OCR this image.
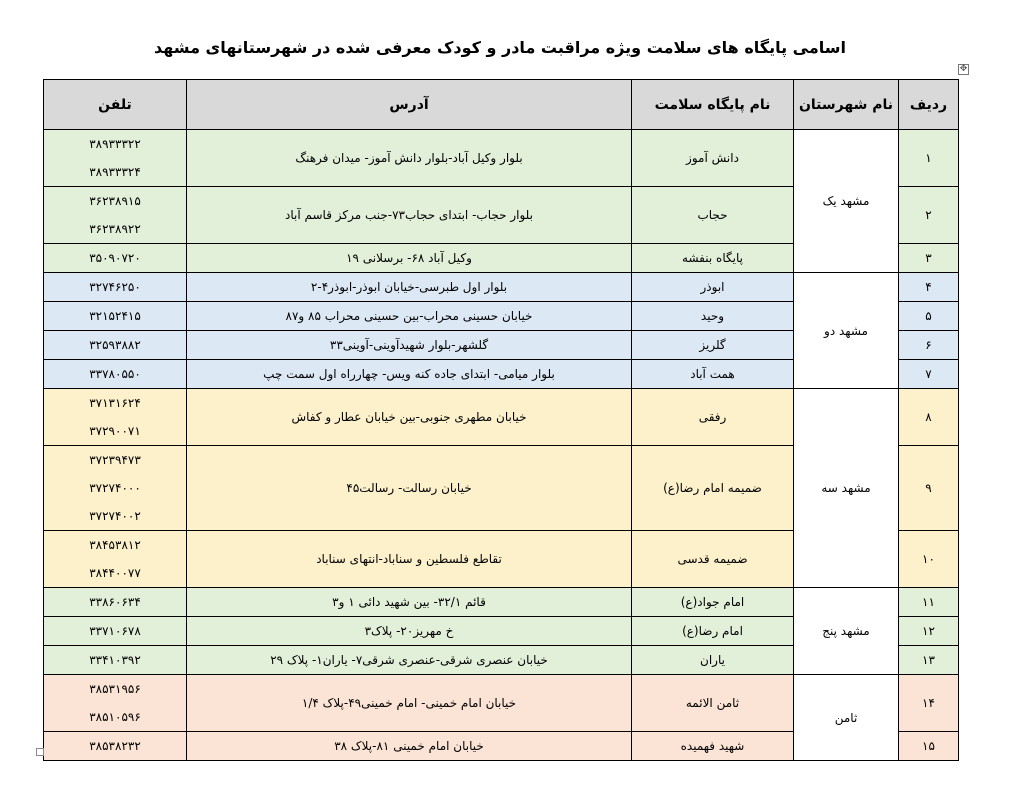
اسامی پایگاه های سلامت ویژه مراقبت مادر و کودک معرفی شده در شهرستانهای مشهد
✥
ردیف	نام شهرستان	نام پایگاه سلامت	آدرس	تلفن
۱	مشهد یک	دانش آموز	بلوار وکیل آباد-بلوار دانش آموز- میدان فرهنگ	۳۸۹۳۳۳۲۲
۳۸۹۳۳۳۲۴

۲		حجاب	بلوار حجاب- ابتدای حجاب۷۳-جنب مرکز قاسم آباد	۳۶۲۳۸۹۱۵
۳۶۲۳۸۹۲۲

۳		پایگاه بنفشه	وکیل آباد ۶۸- برسلانی ۱۹	۳۵۰۹۰۷۲۰

۴	مشهد دو	ابوذر	بلوار اول طبرسی-خیابان ابوذر-ابوذر۴-۲	۳۲۷۴۶۲۵۰

۵		وحید	خیابان حسینی محراب-بین حسینی محراب ۸۵ و۸۷	۳۲۱۵۲۴۱۵

۶		گلریز	گلشهر-بلوار شهیدآوینی-آوینی۳۳	۳۲۵۹۳۸۸۲

۷		همت آباد	بلوار میامی- ابتدای جاده کنه ویس- چهارراه اول سمت چپ	۳۳۷۸۰۵۵۰

۸	مشهد سه	رفقی	خیابان مطهری جنوبی-بین خیابان عطار و کفاش	۳۷۱۳۱۶۲۴
۳۷۲۹۰۰۷۱

۹		ضمیمه امام رضا(ع)	خیابان رسالت- رسالت۴۵	۳۷۲۳۹۴۷۳
۳۷۲۷۴۰۰۰
۳۷۲۷۴۰۰۲

۱۰		ضمیمه قدسی	تقاطع فلسطین و سناباد-انتهای سناباد	۳۸۴۵۳۸۱۲
۳۸۴۴۰۰۷۷

۱۱	مشهد پنج	امام جواد(ع)	قائم ۳۲/۱- بین شهید دائی ۱ و۳	۳۳۸۶۰۶۳۴

۱۲		امام رضا(ع)	خ مهریز۲۰- پلاک۳	۳۳۷۱۰۶۷۸

۱۳		یاران	خیابان عنصری شرقی-عنصری شرقی۷- یاران۱- پلاک ۲۹	۳۳۴۱۰۳۹۲

۱۴	ثامن	ثامن الائمه	خیابان امام خمینی- امام خمینی۴۹-پلاک ۱/۴	۳۸۵۳۱۹۵۶
۳۸۵۱۰۵۹۶

۱۵		شهید فهمیده	خیابان امام خمینی ۸۱-پلاک ۳۸	۳۸۵۳۸۲۳۲
